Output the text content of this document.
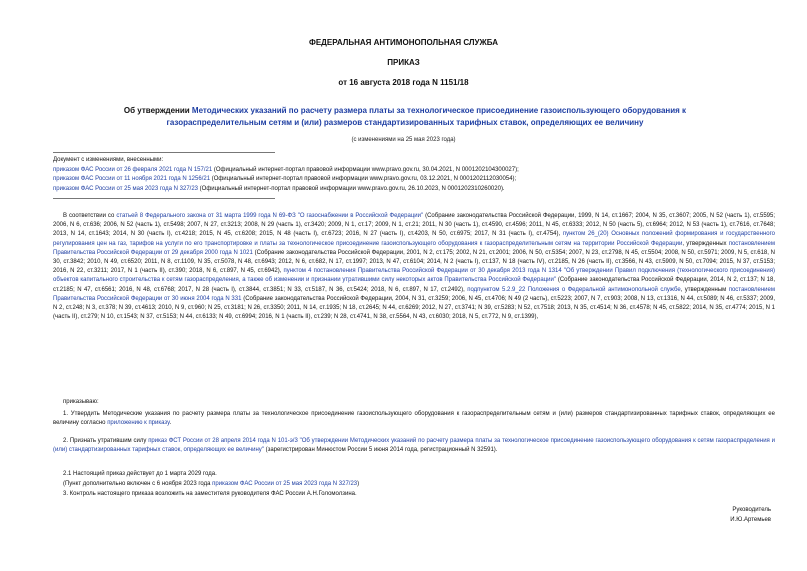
ФЕДЕРАЛЬНАЯ АНТИМОНОПОЛЬНАЯ СЛУЖБА
ПРИКАЗ
от 16 августа 2018 года N 1151/18
Об утверждении Методических указаний по расчету размера платы за технологическое присоединение газоиспользующего оборудования к
газораспределительным сетям и (или) размеров стандартизированных тарифных ставок, определяющих ее величину
(с изменениями на 25 мая 2023 года)
Документ с изменениями, внесенными:
приказом ФАС России от 26 февраля 2021 года N 157/21 (Официальный интернет-портал правовой информации www.pravo.gov.ru, 30.04.2021, N 0001202104300027);
приказом ФАС России от 11 ноября 2021 года N 1256/21 (Официальный интернет-портал правовой информации www.pravo.gov.ru, 03.12.2021, N 0001202112030054);
приказом ФАС России от 25 мая 2023 года N 327/23 (Официальный интернет-портал правовой информации www.pravo.gov.ru, 26.10.2023, N 0001202310260020).

В соответствии со статьей 8 Федерального закона от 31 марта 1999 года N 69-ФЗ "О газоснабжении в Российской Федерации" (Собрание законодательства Российской Федерации, 1999, N 14, ст.1667; 2004, N 35, ст.3607; 2005, N 52 (часть 1), ст.5595; 2006, N 6, ст.636; 2006, N 52 (часть 1), ст.5498; 2007, N 27, ст.3213; 2008, N 29 (часть 1), ст.3420; 2009, N 1, ст.17; 2009, N 1, ст.21; 2011, N 30 (часть 1), ст.4590, ст.4596; 2011, N 45, ст.6333; 2012, N 50 (часть 5), ст.6964; 2012, N 53 (часть 1), ст.7616, ст.7648; 2013, N 14, ст.1643; 2014, N 30 (часть I), ст.4218; 2015, N 45, ст.6208; 2015, N 48 (часть I), ст.6723; 2016, N 27 (часть I), ст.4203, N 50, ст.6975; 2017, N 31 (часть I), ст.4754), пунктом 26_(20) Основных положений формирования и государственного регулирования цен на газ, тарифов на услуги по его транспортировке и платы за технологическое присоединение газоиспользующего оборудования к газораспределительным сетям на территории Российской Федерации, утвержденных постановлением Правительства Российской Федерации от 29 декабря 2000 года N 1021 (Собрание законодательства Российской Федерации, 2001, N 2, ст.175; 2002, N 21, ст.2001; 2006, N 50, ст.5354; 2007, N 23, ст.2798, N 45, ст.5504; 2008, N 50, ст.5971; 2009, N 5, ст.618, N 30, ст.3842; 2010, N 49, ст.6520; 2011, N 8, ст.1109, N 35, ст.5078, N 48, ст.6943; 2012, N 6, ст.682, N 17, ст.1997; 2013, N 47, ст.6104; 2014, N 2 (часть I), ст.137, N 18 (часть IV), ст.2185, N 26 (часть II), ст.3566, N 43, ст.5909, N 50, ст.7094; 2015, N 37, ст.5153; 2016, N 22, ст.3211; 2017, N 1 (часть II), ст.390; 2018, N 6, ст.897, N 45, ст.6942), пунктом 4 постановления Правительства Российской Федерации от 30 декабря 2013 года N 1314 "Об утверждении Правил подключения (технологического присоединения) объектов капитального строительства к сетям газораспределения, а также об изменении и признании утратившими силу некоторых актов Правительства Российской Федерации" (Собрание законодательства Российской Федерации, 2014, N 2, ст.137; N 18, ст.2185; N 47, ст.6561; 2016, N 48, ст.6768; 2017, N 28 (часть I), ст.3844, ст.3851; N 33, ст.5187, N 36, ст.5424; 2018, N 6, ст.897, N 17, ст.2492), подпунктом 5.2.9_22 Положения о Федеральной антимонопольной службе, утвержденным постановлением Правительства Российской Федерации от 30 июня 2004 года N 331 (Собрание законодательства Российской Федерации, 2004, N 31, ст.3259; 2006, N 45, ст.4706; N 49 (2 часть), ст.5223; 2007, N 7, ст.903; 2008, N 13, ст.1316, N 44, ст.5089; N 46, ст.5337; 2009, N 2, ст.248; N 3, ст.378; N 39, ст.4613; 2010, N 9, ст.960; N 25, ст.3181; N 26, ст.3350; 2011, N 14, ст.1935; N 18, ст.2645; N 44, ст.6269; 2012, N 27, ст.3741; N 39, ст.5283; N 52, ст.7518; 2013, N 35, ст.4514; N 36, ст.4578; N 45, ст.5822; 2014, N 35, ст.4774; 2015, N 1 (часть II), ст.279; N 10, ст.1543; N 37, ст.5153; N 44, ст.6133; N 49, ст.6994; 2016, N 1 (часть II), ст.239; N 28, ст.4741, N 38, ст.5564, N 43, ст.6030; 2018, N 5, ст.772, N 9, ст.1399),

приказываю:

1. Утвердить Методические указания по расчету размера платы за технологическое присоединение газоиспользующего оборудования к газораспределительным сетям и (или) размеров стандартизированных тарифных ставок, определяющих ее величину согласно приложению к приказу.

2. Признать утратившим силу приказ ФСТ России от 28 апреля 2014 года N 101-э/3 "Об утверждении Методических указаний по расчету размера платы за технологическое присоединение газоиспользующего оборудования к сетям газораспределения и (или) стандартизированных тарифных ставок, определяющих ее величину" (зарегистрирован Минюстом России 5 июня 2014 года, регистрационный N 32591).

2.1 Настоящий приказ действует до 1 марта 2029 года.

(Пункт дополнительно включен с 6 ноября 2023 года приказом ФАС России от 25 мая 2023 года N 327/23)

3. Контроль настоящего приказа возложить на заместителя руководителя ФАС России А.Н.Голомолзина.
Руководитель
И.Ю.Артемьев
